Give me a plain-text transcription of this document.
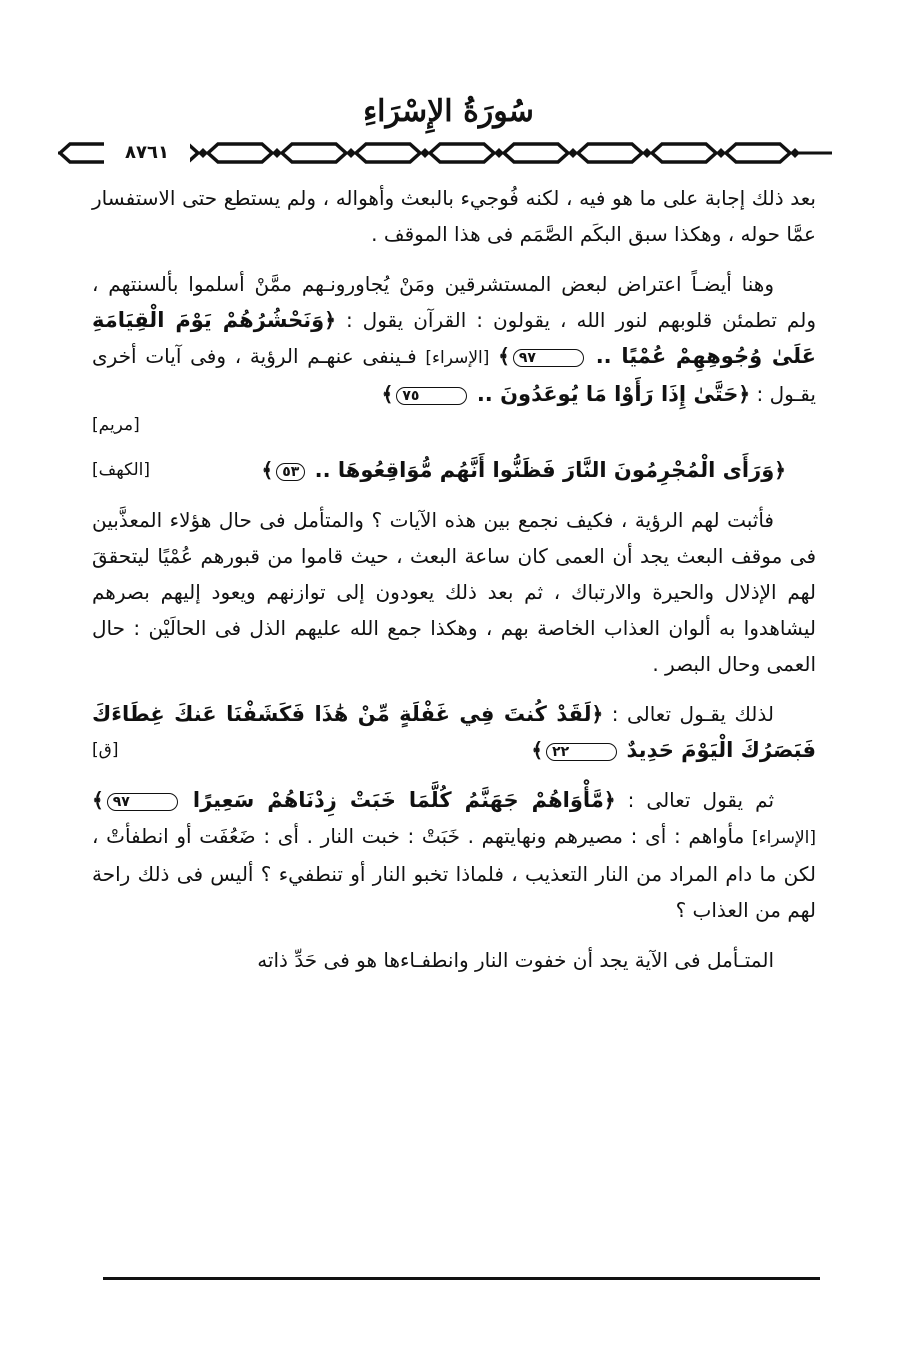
سُورَةُ الإِسْرَاءِ
٨٧٦١

بعد ذلك إجابة على ما هو فيه ، لكنه فُوجيء بالبعث وأهواله ، ولم يستطع حتى الاستفسار عمَّا حوله ، وهكذا سبق البكَم الصَّمَم فى هذا الموقف .

وهنا أيضـاً اعتراض لبعض المستشرقين ومَنْ يُجاورونـهم ممَّنْ أسلموا بألسنتهم ، ولم تطمئن قلوبهم لنور الله ، يقولون : القرآن يقول : ﴿وَنَحْشُرُهُمْ يَوْمَ الْقِيَامَةِ عَلَىٰ وُجُوهِهِمْ عُمْيًا .. ٩٧﴾ [الإسراء] فـينفى عنهـم الرؤية ، وفى آيات أخرى يقـول : ﴿حَتَّىٰ إِذَا رَأَوْا مَا يُوعَدُونَ .. ٧٥﴾
[مريم]

﴿وَرَأَى الْمُجْرِمُونَ النَّارَ فَظَنُّوا أَنَّهُم مُّوَاقِعُوهَا .. ٥٣﴾
[الكهف]

فأثبت لهم الرؤية ، فكيف نجمع بين هذه الآيات ؟ والمتأمل فى حال هؤلاء المعذَّبين فى موقف البعث يجد أن العمى كان ساعة البعث ، حيث قاموا من قبورهم عُمْيًا ليتحققَ لهم الإذلال والحيرة والارتباك ، ثم بعد ذلك يعودون إلى توازنهم ويعود إليهم بصرهم ليشاهدوا به ألوان العذاب الخاصة بهم ، وهكذا جمع الله عليهم الذل فى الحالَيْن : حال العمى وحال البصر .

لذلك يقـول تعالى : ﴿لَقَدْ كُنتَ فِي غَفْلَةٍ مِّنْ هَٰذَا فَكَشَفْنَا عَنكَ غِطَاءَكَ فَبَصَرُكَ الْيَوْمَ حَدِيدٌ ٢٢﴾
[ق]

ثم يقول تعالى : ﴿مَّأْوَاهُمْ جَهَنَّمُ كُلَّمَا خَبَتْ زِدْنَاهُمْ سَعِيرًا ٩٧﴾ [الإسراء] مأواهم : أى : مصيرهم ونهايتهم . خَبَتْ : خبت النار . أى : ضَعُفَت أو انطفأتْ ، لكن ما دام المراد من النار التعذيب ، فلماذا تخبو النار أو تنطفيء ؟ أليس فى ذلك راحة لهم من العذاب ؟

المتـأمل فى الآية يجد أن خفوت النار وانطفـاءها هو فى حَدِّ ذاته
